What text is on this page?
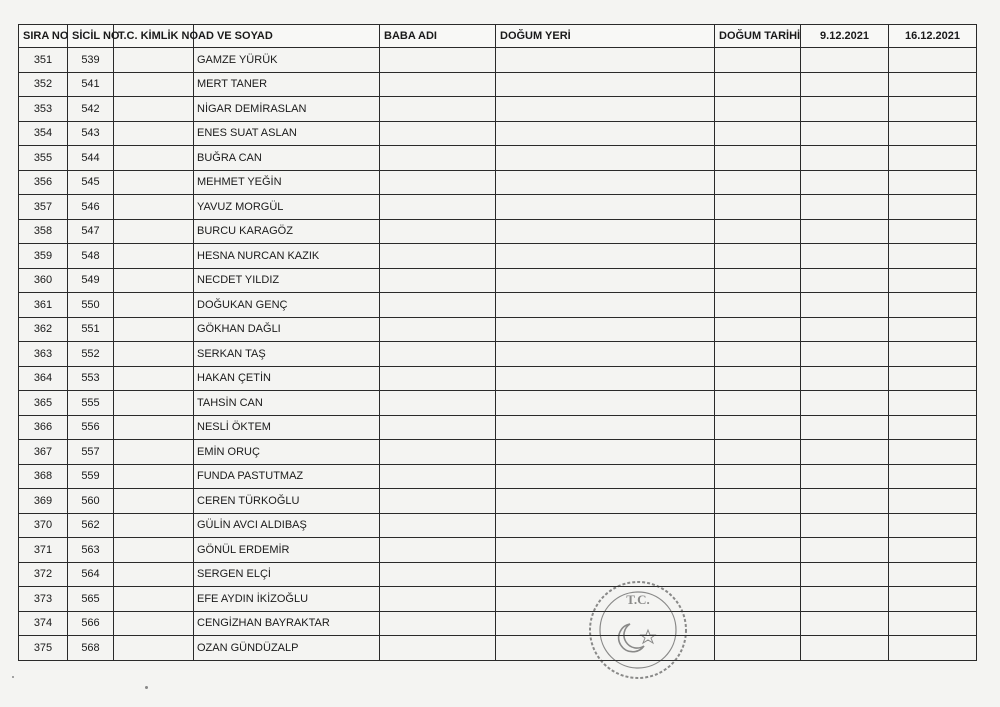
SIRA NO	SİCİL NO	T.C. KİMLİK NO	AD VE SOYAD	BABA ADI	DOĞUM YERİ	DOĞUM TARİHİ	9.12.2021	16.12.2021
351	539		GAMZE YÜRÜK					
352	541		MERT TANER					
353	542		NİGAR DEMİRASLAN					
354	543		ENES SUAT ASLAN					
355	544		BUĞRA CAN					
356	545		MEHMET YEĞİN					
357	546		YAVUZ MORGÜL					
358	547		BURCU KARAGÖZ					
359	548		HESNA NURCAN KAZIK					
360	549		NECDET YILDIZ					
361	550		DOĞUKAN GENÇ					
362	551		GÖKHAN DAĞLI					
363	552		SERKAN TAŞ					
364	553		HAKAN ÇETİN					
365	555		TAHSİN CAN					
366	556		NESLİ ÖKTEM					
367	557		EMİN ORUÇ					
368	559		FUNDA PASTUTMAZ					
369	560		CEREN TÜRKOĞLU					
370	562		GÜLİN AVCI ALDIBAŞ					
371	563		GÖNÜL ERDEMİR					
372	564		SERGEN ELÇİ					
373	565		EFE AYDIN İKİZOĞLU					
374	566		CENGİZHAN BAYRAKTAR					
375	568		OZAN GÜNDÜZALP					
T.C.
